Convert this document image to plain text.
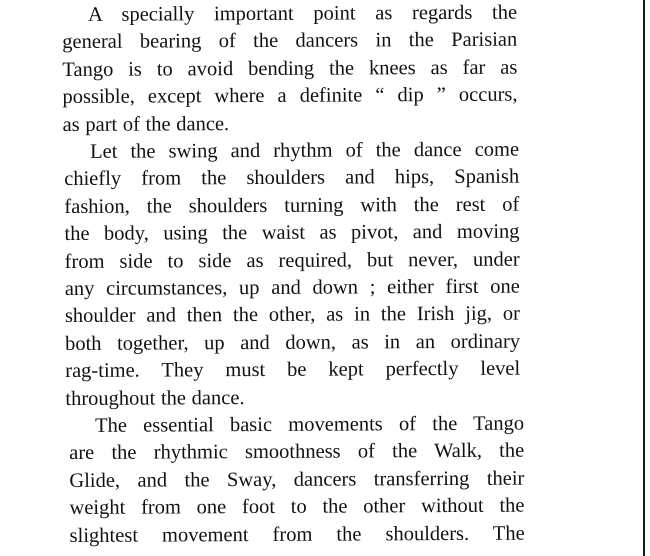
A specially important point as regards the
general bearing of the dancers in the Parisian
Tango is to avoid bending the knees as far as
possible, except where a definite “ dip ” occurs,
as part of the dance.
Let the swing and rhythm of the dance come
chiefly from the shoulders and hips, Spanish
fashion, the shoulders turning with the rest of
the body, using the waist as pivot, and moving
from side to side as required, but never, under
any circumstances, up and down ; either first one
shoulder and then the other, as in the Irish jig, or
both together, up and down, as in an ordinary
rag-time. They must be kept perfectly level
throughout the dance.
The essential basic movements of the Tango
are the rhythmic smoothness of the Walk, the
Glide, and the Sway, dancers transferring their
weight from one foot to the other without the
slightest movement from the shoulders. The
